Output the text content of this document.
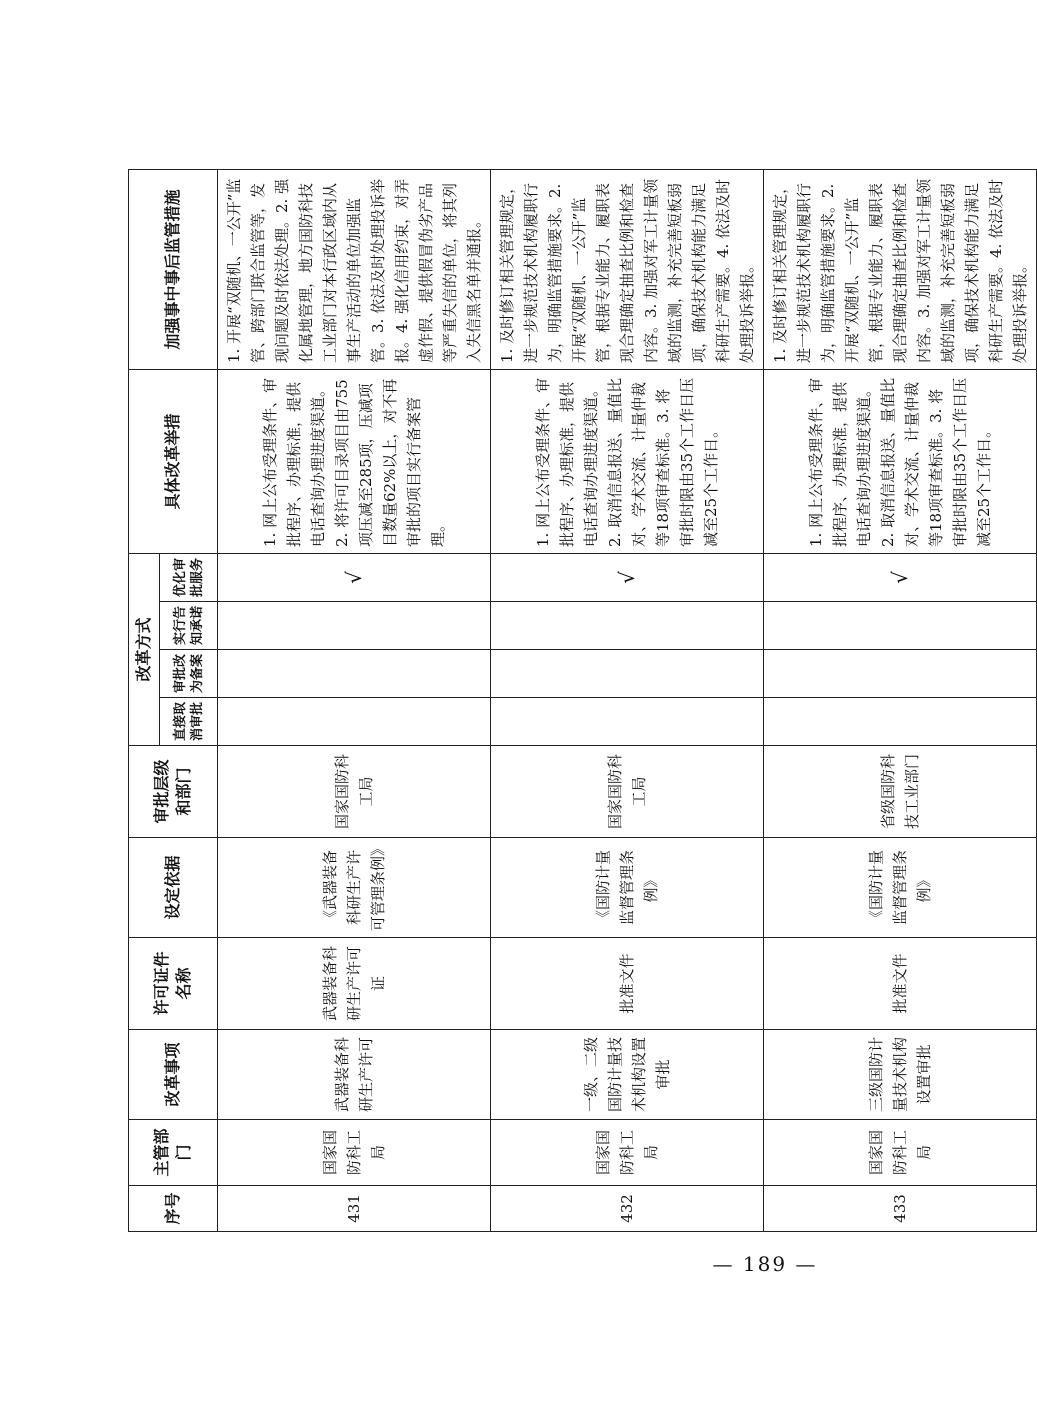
序号	主管部门	改革事项	许可证件名称	设定依据	审批层级和部门	改革方式				具体改革举措	加强事中事后监管措施
						直接取消审批	审批改为备案	实行告知承诺	优化审批服务		
431	国家国防科工局	武器装备科研生产许可	武器装备科研生产许可证	《武器装备科研生产许可管理条例》	国家国防科工局				√	1. 网上公布受理条件、审批程序、办理标准，提供电话查询办理进度渠道。2. 将许可目录项目由755项压减至285项，压减项目数量62%以上，对不再审批的项目实行备案管理。	1. 开展“双随机、一公开”监管、跨部门联合监管等，发现问题及时依法处理。2. 强化属地管理，地方国防科技工业部门对本行政区域内从事生产活动的单位加强监管。3. 依法及时处理投诉举报。4. 强化信用约束，对弄虚作假、提供假冒伪劣产品等严重失信的单位，将其列入失信黑名单并通报。
432	国家国防科工局	一级、二级国防计量技术机构设置审批	批准文件	《国防计量监督管理条例》	国家国防科工局				√	1. 网上公布受理条件、审批程序、办理标准，提供电话查询办理进度渠道。2. 取消信息报送、量值比对、学术交流、计量仲裁等18项审查标准。3. 将审批时限由35个工作日压减至25个工作日。	1. 及时修订相关管理规定，进一步规范技术机构履职行为，明确监管措施要求。2. 开展“双随机、一公开”监管，根据专业能力、履职表现合理确定抽查比例和检查内容。3. 加强对军工计量领域的监测，补充完善短板弱项，确保技术机构能力满足科研生产需要。4. 依法及时处理投诉举报。
433	国家国防科工局	三级国防计量技术机构设置审批	批准文件	《国防计量监督管理条例》	省级国防科技工业部门				√	1. 网上公布受理条件、审批程序、办理标准，提供电话查询办理进度渠道。2. 取消信息报送、量值比对、学术交流、计量仲裁等18项审查标准。3. 将审批时限由35个工作日压减至25个工作日。	1. 及时修订相关管理规定，进一步规范技术机构履职行为，明确监管措施要求。2. 开展“双随机、一公开”监管，根据专业能力、履职表现合理确定抽查比例和检查内容。3. 加强对军工计量领域的监测，补充完善短板弱项，确保技术机构能力满足科研生产需要。4. 依法及时处理投诉举报。
— 189 —
